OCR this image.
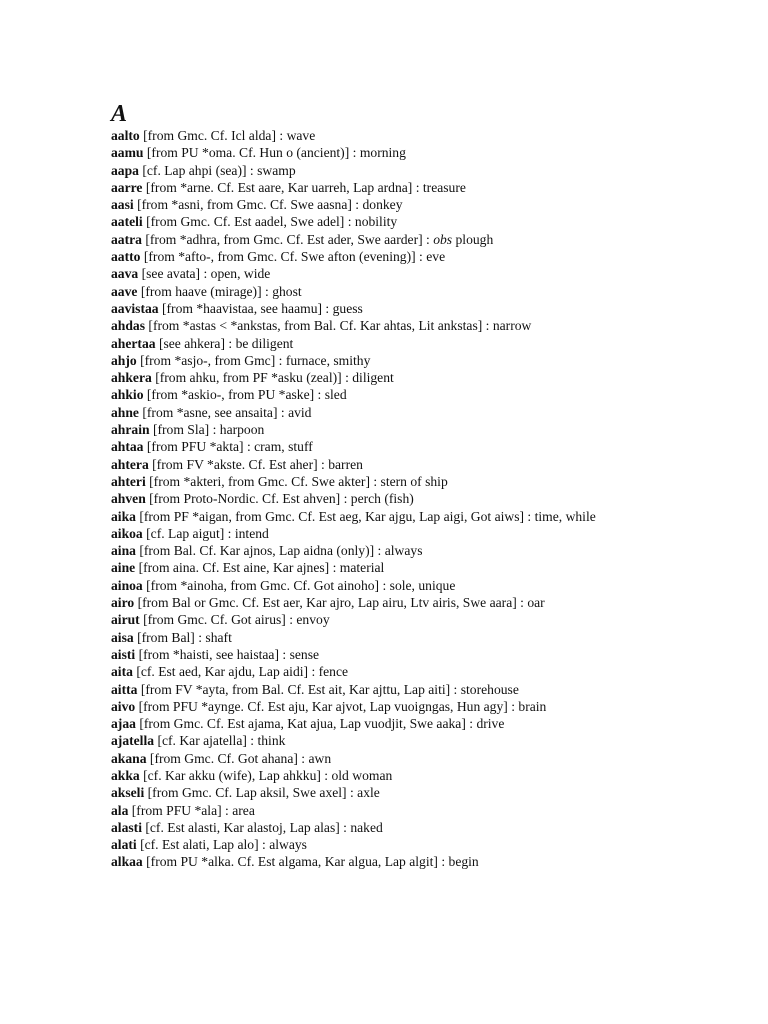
A
aalto [from Gmc. Cf. Icl alda] : wave
aamu [from PU *oma. Cf. Hun o (ancient)] : morning
aapa [cf. Lap ahpi (sea)] : swamp
aarre [from *arne. Cf. Est aare, Kar uarreh, Lap ardna] : treasure
aasi [from *asni, from Gmc. Cf. Swe aasna] : donkey
aateli [from Gmc. Cf. Est aadel, Swe adel] : nobility
aatra [from *adhra, from Gmc. Cf. Est ader, Swe aarder] : obs plough
aatto [from *afto-, from Gmc. Cf. Swe afton (evening)] : eve
aava [see avata] : open, wide
aave [from haave (mirage)] : ghost
aavistaa [from *haavistaa, see haamu] : guess
ahdas [from *astas < *ankstas, from Bal. Cf. Kar ahtas, Lit ankstas] : narrow
ahertaa [see ahkera] : be diligent
ahjo [from *asjo-, from Gmc] : furnace, smithy
ahkera [from ahku, from PF *asku (zeal)] : diligent
ahkio [from *askio-, from PU *aske] : sled
ahne [from *asne, see ansaita] : avid
ahrain [from Sla] : harpoon
ahtaa [from PFU *akta] : cram, stuff
ahtera [from FV *akste. Cf. Est aher] : barren
ahteri [from *akteri, from Gmc. Cf. Swe akter] : stern of ship
ahven [from Proto-Nordic. Cf. Est ahven] : perch (fish)
aika [from PF *aigan, from Gmc. Cf. Est aeg, Kar ajgu, Lap aigi, Got aiws] : time, while
aikoa [cf. Lap aigut] : intend
aina [from Bal. Cf. Kar ajnos, Lap aidna (only)] : always
aine [from aina. Cf. Est aine, Kar ajnes] : material
ainoa [from *ainoha, from Gmc. Cf. Got ainoho] : sole, unique
airo [from Bal or Gmc. Cf. Est aer, Kar ajro, Lap airu, Ltv airis, Swe aara] : oar
airut [from Gmc. Cf. Got airus] : envoy
aisa [from Bal] : shaft
aisti [from *haisti, see haistaa] : sense
aita [cf. Est aed, Kar ajdu, Lap aidi] : fence
aitta [from FV *ayta, from Bal. Cf. Est ait, Kar ajttu, Lap aiti] : storehouse
aivo [from PFU *aynge. Cf. Est aju, Kar ajvot, Lap vuoigngas, Hun agy] : brain
ajaa [from Gmc. Cf. Est ajama, Kat ajua, Lap vuodjit, Swe aaka] : drive
ajatella [cf. Kar ajatella] : think
akana [from Gmc. Cf. Got ahana] : awn
akka [cf. Kar akku (wife), Lap ahkku] : old woman
akseli [from Gmc. Cf. Lap aksil, Swe axel] : axle
ala [from PFU *ala] : area
alasti [cf. Est alasti, Kar alastoj, Lap alas] : naked
alati [cf. Est alati, Lap alo] : always
alkaa [from PU *alka. Cf. Est algama, Kar algua, Lap algit] : begin
